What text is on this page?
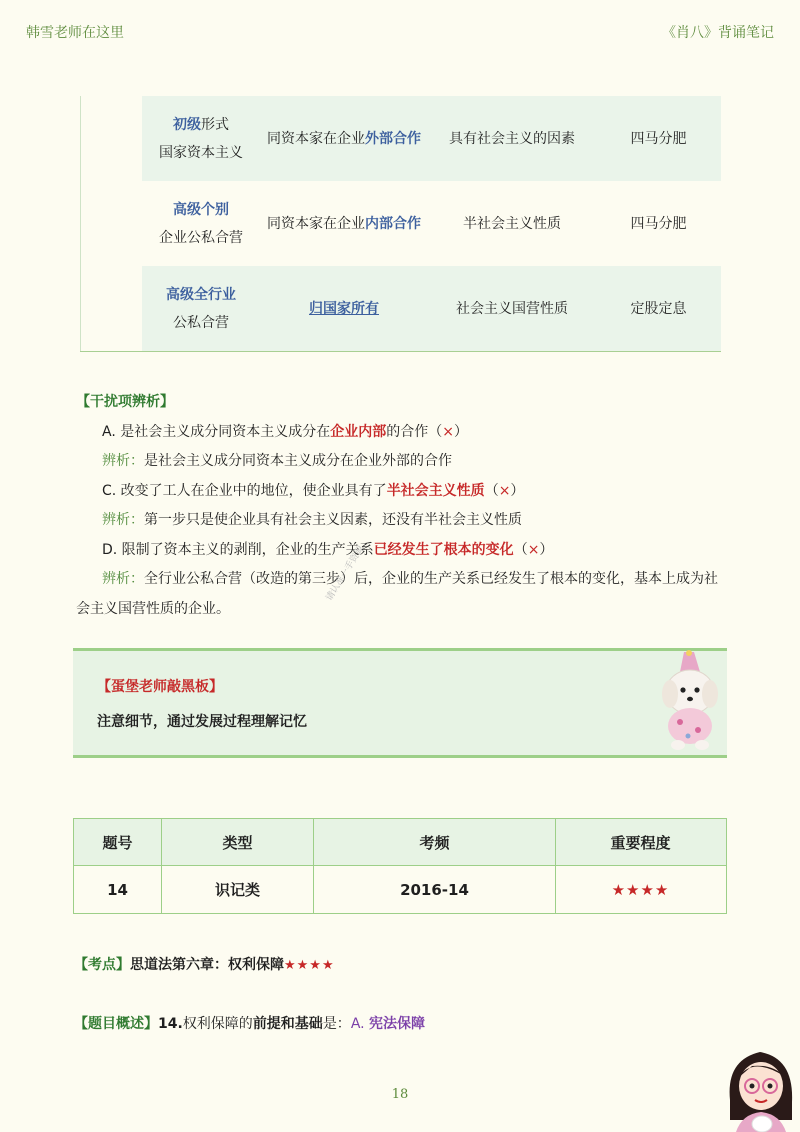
韩雪老师在这里	《肖八》背诵笔记
初级形式
国家资本主义
同资本家在企业外部合作	具有社会主义的因素	四马分肥
高级个别
企业公私合营
同资本家在企业内部合作	半社会主义性质	四马分肥
高级全行业
公私合营
归国家所有	社会主义国营性质	定股定息
【干扰项辨析】
A. 是社会主义成分同资本主义成分在企业内部的合作（×）
辨析：是社会主义成分同资本主义成分在企业外部的合作
C. 改变了工人在企业中的地位，使企业具有了半社会主义性质（×）
辨析：第一步只是使企业具有社会主义因素，还没有半社会主义性质
D. 限制了资本主义的剥削，企业的生产关系已经发生了根本的变化（×）
辨析：全行业公私合营（改造的第三步）后，企业的生产关系已经发生了根本的变化，基本上成为社
会主义国营性质的企业。
请认准一手资源
【蛋堡老师敲黑板】
注意细节，通过发展过程理解记忆
题号	类型	考频	重要程度
14	识记类	2016-14	★★★★
【考点】思道法第六章：权利保障★★★★
【题目概述】14.权利保障的前提和基础是：A. 宪法保障
18
